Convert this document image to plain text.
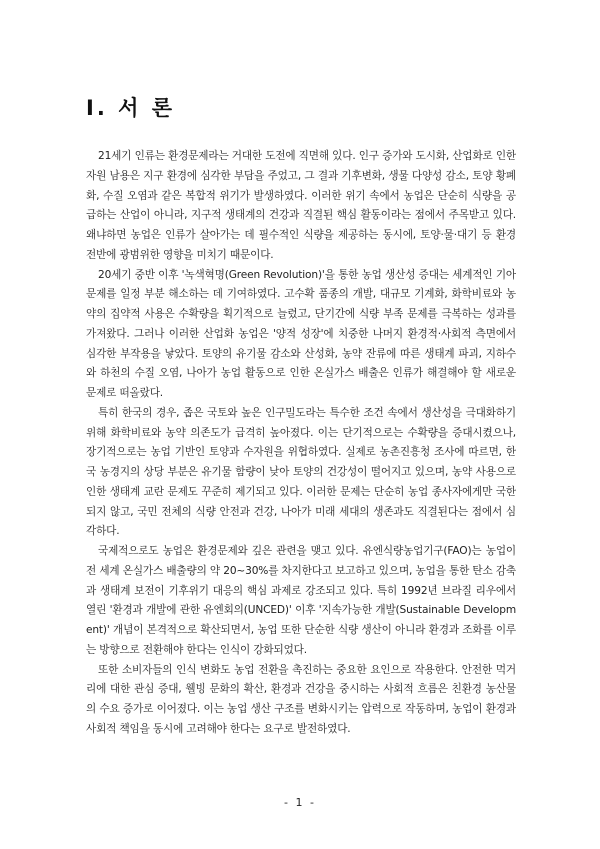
Ⅰ. 서 론

21세기 인류는 환경문제라는 거대한 도전에 직면해 있다. 인구 증가와 도시화, 산업화로 인한 자원 남용은 지구 환경에 심각한 부담을 주었고, 그 결과 기후변화, 생물 다양성 감소, 토양 황폐화, 수질 오염과 같은 복합적 위기가 발생하였다. 이러한 위기 속에서 농업은 단순히 식량을 공급하는 산업이 아니라, 지구적 생태계의 건강과 직결된 핵심 활동이라는 점에서 주목받고 있다. 왜냐하면 농업은 인류가 살아가는 데 필수적인 식량을 제공하는 동시에, 토양·물·대기 등 환경 전반에 광범위한 영향을 미치기 때문이다.

20세기 중반 이후 '녹색혁명(Green Revolution)'을 통한 농업 생산성 증대는 세계적인 기아 문제를 일정 부분 해소하는 데 기여하였다. 고수확 품종의 개발, 대규모 기계화, 화학비료와 농약의 집약적 사용은 수확량을 획기적으로 늘렸고, 단기간에 식량 부족 문제를 극복하는 성과를 가져왔다. 그러나 이러한 산업화 농업은 '양적 성장'에 치중한 나머지 환경적·사회적 측면에서 심각한 부작용을 낳았다. 토양의 유기물 감소와 산성화, 농약 잔류에 따른 생태계 파괴, 지하수와 하천의 수질 오염, 나아가 농업 활동으로 인한 온실가스 배출은 인류가 해결해야 할 새로운 문제로 떠올랐다.

특히 한국의 경우, 좁은 국토와 높은 인구밀도라는 특수한 조건 속에서 생산성을 극대화하기 위해 화학비료와 농약 의존도가 급격히 높아졌다. 이는 단기적으로는 수확량을 증대시켰으나, 장기적으로는 농업 기반인 토양과 수자원을 위협하였다. 실제로 농촌진흥청 조사에 따르면, 한국 농경지의 상당 부분은 유기물 함량이 낮아 토양의 건강성이 떨어지고 있으며, 농약 사용으로 인한 생태계 교란 문제도 꾸준히 제기되고 있다. 이러한 문제는 단순히 농업 종사자에게만 국한되지 않고, 국민 전체의 식량 안전과 건강, 나아가 미래 세대의 생존과도 직결된다는 점에서 심각하다.

국제적으로도 농업은 환경문제와 깊은 관련을 맺고 있다. 유엔식량농업기구(FAO)는 농업이 전 세계 온실가스 배출량의 약 20~30%를 차지한다고 보고하고 있으며, 농업을 통한 탄소 감축과 생태계 보전이 기후위기 대응의 핵심 과제로 강조되고 있다. 특히 1992년 브라질 리우에서 열린 '환경과 개발에 관한 유엔회의(UNCED)' 이후 '지속가능한 개발(Sustainable Development)' 개념이 본격적으로 확산되면서, 농업 또한 단순한 식량 생산이 아니라 환경과 조화를 이루는 방향으로 전환해야 한다는 인식이 강화되었다.

또한 소비자들의 인식 변화도 농업 전환을 촉진하는 중요한 요인으로 작용한다. 안전한 먹거리에 대한 관심 증대, 웰빙 문화의 확산, 환경과 건강을 중시하는 사회적 흐름은 친환경 농산물의 수요 증가로 이어졌다. 이는 농업 생산 구조를 변화시키는 압력으로 작동하며, 농업이 환경과 사회적 책임을 동시에 고려해야 한다는 요구로 발전하였다.

- 1 -
